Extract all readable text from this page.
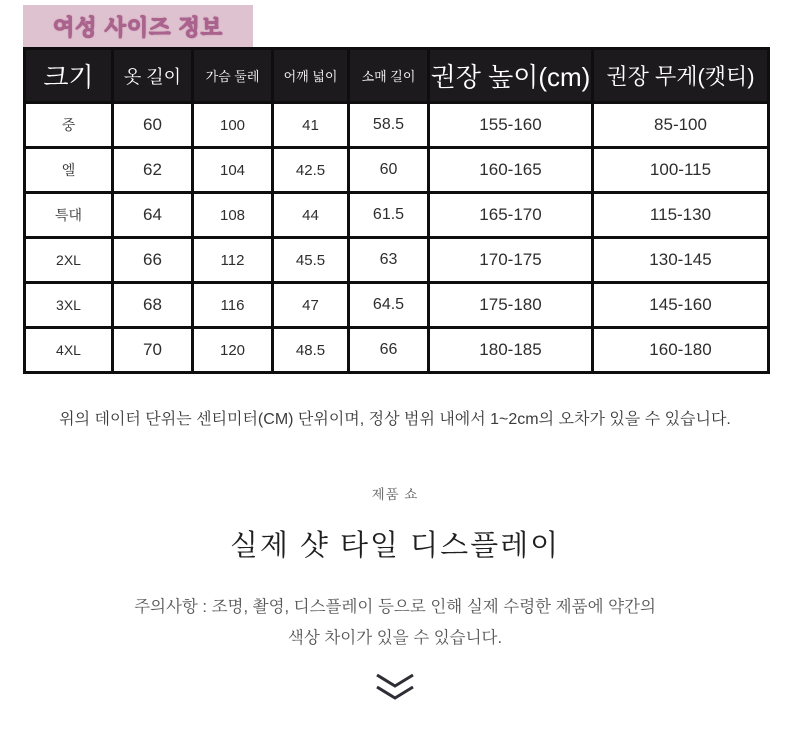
여성 사이즈 정보
크기	옷 길이	가슴 둘레	어깨 넓이	소매 길이	권장 높이(cm)	권장 무게(캣티)
중	60	100	41	58.5	155-160	85-100
엘	62	104	42.5	60	160-165	100-115
특대	64	108	44	61.5	165-170	115-130
2XL	66	112	45.5	63	170-175	130-145
3XL	68	116	47	64.5	175-180	145-160
4XL	70	120	48.5	66	180-185	160-180
위의 데이터 단위는 센티미터(CM) 단위이며, 정상 범위 내에서 1~2cm의 오차가 있을 수 있습니다.
제품 쇼
실제 샷 타일 디스플레이
주의사항 : 조명, 촬영, 디스플레이 등으로 인해 실제 수령한 제품에 약간의
색상 차이가 있을 수 있습니다.
